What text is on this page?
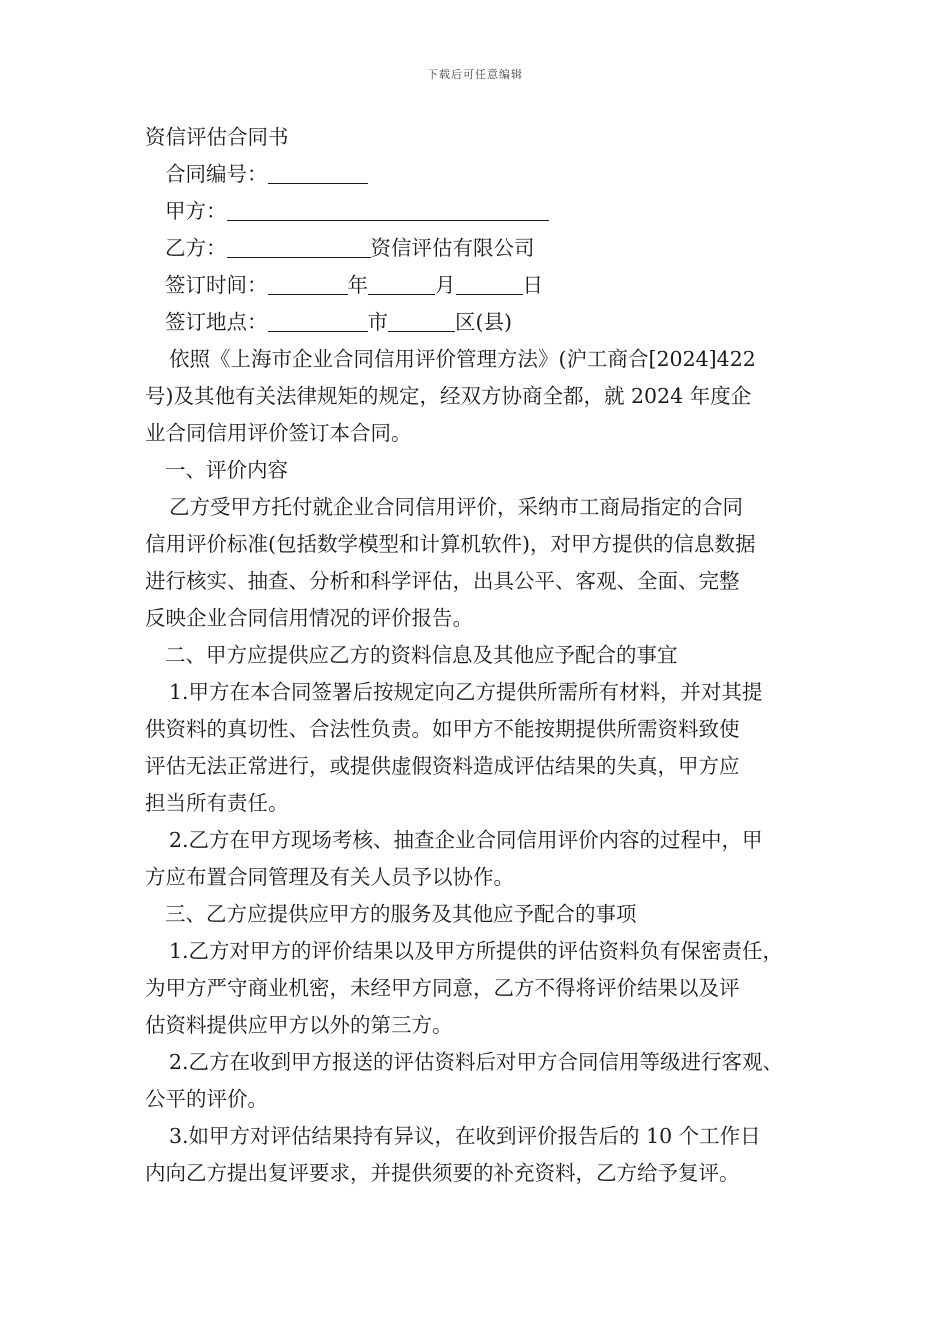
下载后可任意编辑

资信评估合同书

合同编号：

甲方：

乙方：	资信评估有限公司

签订时间：	年	月	日

签订地点：	市	区(县)

依照《上海市企业合同信用评价管理方法》(沪工商合[2024]422

号)及其他有关法律规矩的规定，经双方协商全都，就 2024 年度企

业合同信用评价签订本合同。

一、评价内容

乙方受甲方托付就企业合同信用评价，采纳市工商局指定的合同

信用评价标准(包括数学模型和计算机软件)，对甲方提供的信息数据

进行核实、抽查、分析和科学评估，出具公平、客观、全面、完整

反映企业合同信用情况的评价报告。

二、甲方应提供应乙方的资料信息及其他应予配合的事宜

1.甲方在本合同签署后按规定向乙方提供所需所有材料，并对其提

供资料的真切性、合法性负责。如甲方不能按期提供所需资料致使

评估无法正常进行，或提供虚假资料造成评估结果的失真，甲方应

担当所有责任。

2.乙方在甲方现场考核、抽查企业合同信用评价内容的过程中，甲

方应布置合同管理及有关人员予以协作。

三、乙方应提供应甲方的服务及其他应予配合的事项

1.乙方对甲方的评价结果以及甲方所提供的评估资料负有保密责任，

为甲方严守商业机密，未经甲方同意，乙方不得将评价结果以及评

估资料提供应甲方以外的第三方。

2.乙方在收到甲方报送的评估资料后对甲方合同信用等级进行客观、

公平的评价。

3.如甲方对评估结果持有异议，在收到评价报告后的 10 个工作日

内向乙方提出复评要求，并提供须要的补充资料，乙方给予复评。
